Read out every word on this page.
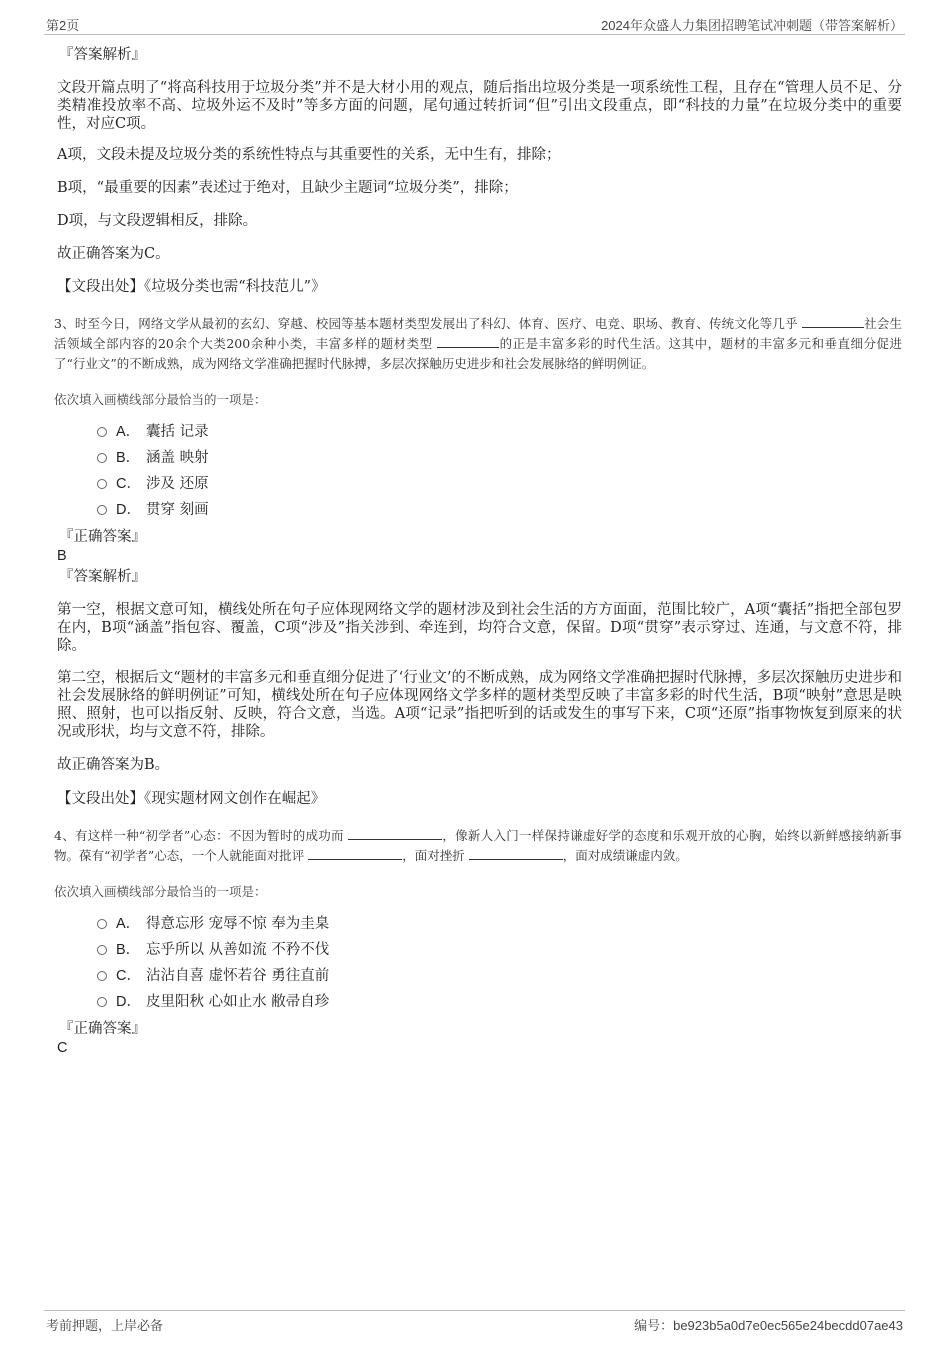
第2页	2024年众盛人力集团招聘笔试冲刺题（带答案解析）
『答案解析』
文段开篇点明了“将高科技用于垃圾分类”并不是大材小用的观点，随后指出垃圾分类是一项系统性工程，且存在“管理人员不足、分类精准投放率不高、垃圾外运不及时”等多方面的问题，尾句通过转折词“但”引出文段重点，即“科技的力量”在垃圾分类中的重要性，对应C项。
A项，文段未提及垃圾分类的系统性特点与其重要性的关系，无中生有，排除；
B项，“最重要的因素”表述过于绝对，且缺少主题词“垃圾分类”，排除；
D项，与文段逻辑相反，排除。
故正确答案为C。
【文段出处】《垃圾分类也需“科技范儿”》
3、时至今日，网络文学从最初的玄幻、穿越、校园等基本题材类型发展出了科幻、体育、医疗、电竞、职场、教育、传统文化等几乎	社会生活领域全部内容的20余个大类200余种小类，丰富多样的题材类型	的正是丰富多彩的时代生活。这其中，题材的丰富多元和垂直细分促进了“行业文”的不断成熟，成为网络文学准确把握时代脉搏，多层次探触历史进步和社会发展脉络的鲜明例证。
依次填入画横线部分最恰当的一项是：
A． 囊括 记录
B． 涵盖 映射
C． 涉及 还原
D． 贯穿 刻画
『正确答案』
B
『答案解析』
第一空，根据文意可知，横线处所在句子应体现网络文学的题材涉及到社会生活的方方面面，范围比较广，A项“囊括”指把全部包罗在内，B项“涵盖”指包容、覆盖，C项“涉及”指关涉到、牵连到，均符合文意，保留。D项“贯穿”表示穿过、连通，与文意不符，排除。
第二空，根据后文“题材的丰富多元和垂直细分促进了‘行业文’的不断成熟，成为网络文学准确把握时代脉搏，多层次探触历史进步和社会发展脉络的鲜明例证”可知，横线处所在句子应体现网络文学多样的题材类型反映了丰富多彩的时代生活，B项“映射”意思是映照、照射，也可以指反射、反映，符合文意，当选。A项“记录”指把听到的话或发生的事写下来，C项“还原”指事物恢复到原来的状况或形状，均与文意不符，排除。
故正确答案为B。
【文段出处】《现实题材网文创作在崛起》
4、有这样一种“初学者”心态：不因为暂时的成功而	，像新人入门一样保持谦虚好学的态度和乐观开放的心胸，始终以新鲜感接纳新事物。葆有“初学者”心态，一个人就能面对批评	，面对挫折	，面对成绩谦虚内敛。
依次填入画横线部分最恰当的一项是：
A． 得意忘形 宠辱不惊 奉为圭臬
B． 忘乎所以 从善如流 不矜不伐
C． 沾沾自喜 虚怀若谷 勇往直前
D． 皮里阳秋 心如止水 敝帚自珍
『正确答案』
C
考前押题，上岸必备	编号：be923b5a0d7e0ec565e24becdd07ae43
